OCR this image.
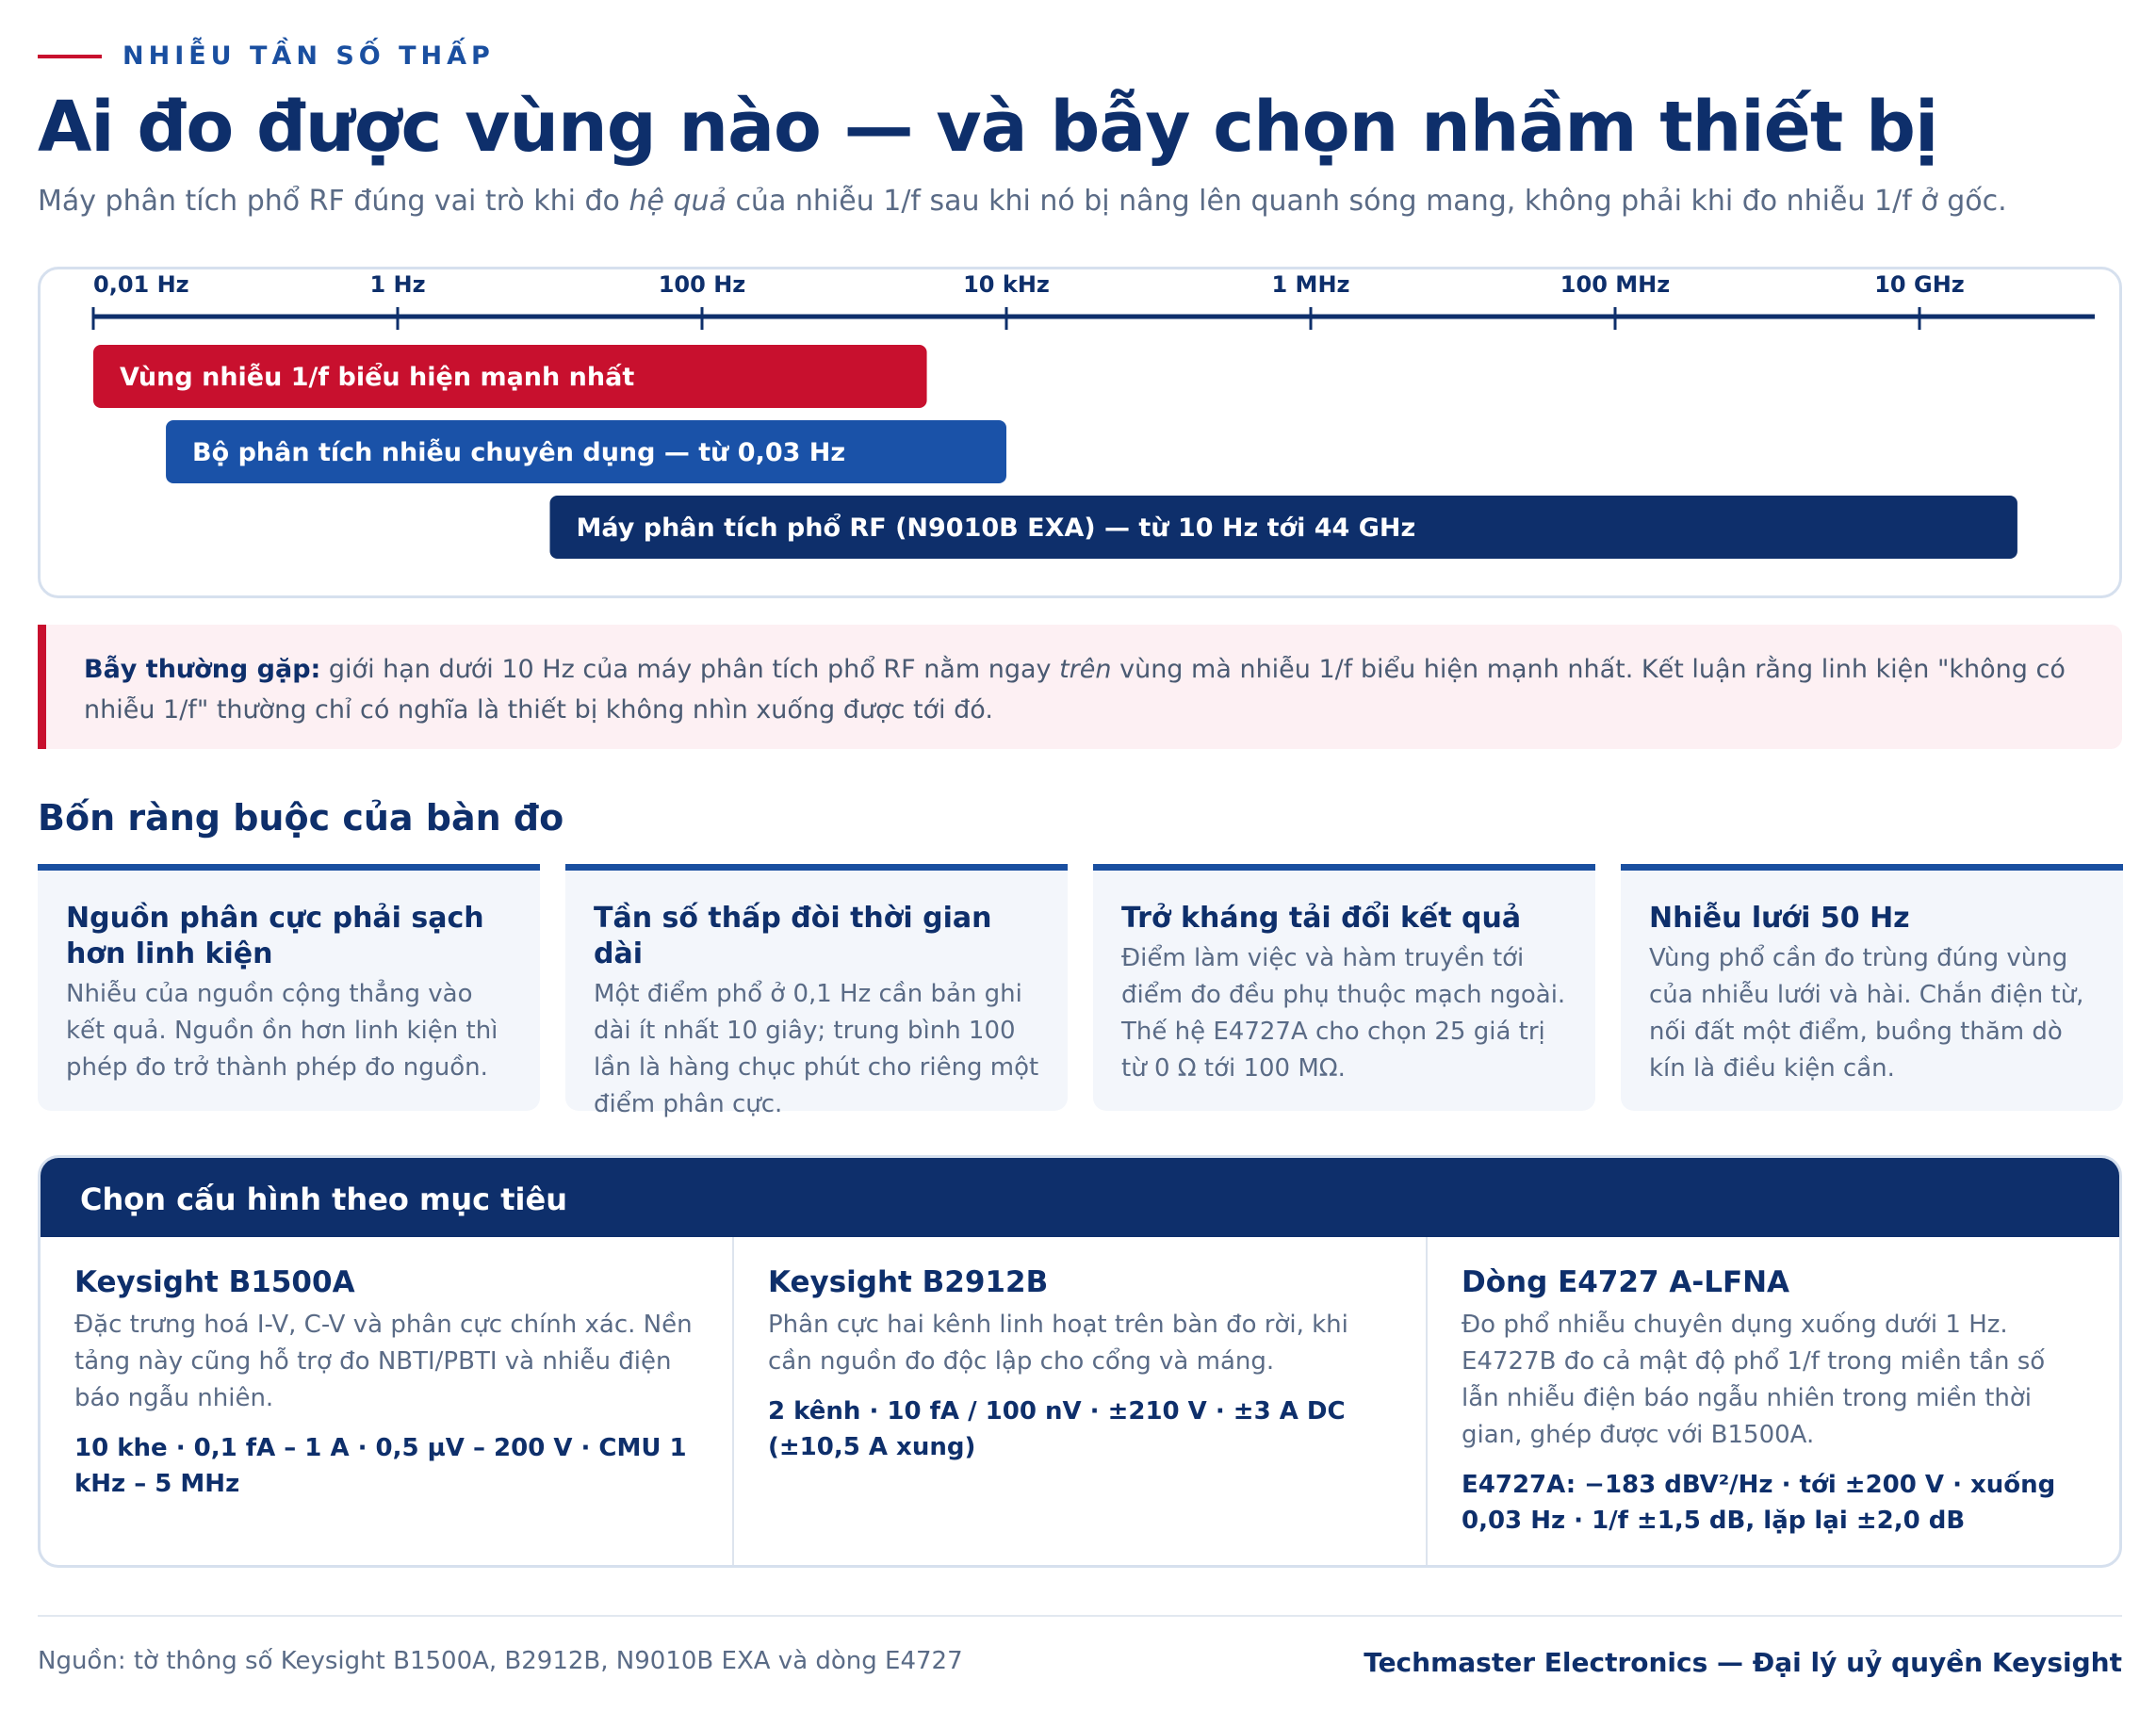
NHIỄU TẦN SỐ THẤP
Ai đo được vùng nào — và bẫy chọn nhầm thiết bị

Máy phân tích phổ RF đúng vai trò khi đo hệ quả của nhiễu 1/f sau khi nó bị nâng lên quanh sóng mang, không phải khi đo nhiễu 1/f ở gốc.

0,01 Hz	1 Hz	100 Hz	10 kHz	1 MHz	100 MHz	10 GHz
Vùng nhiễu 1/f biểu hiện mạnh nhất
Bộ phân tích nhiễu chuyên dụng — từ 0,03 Hz
Máy phân tích phổ RF (N9010B EXA) — từ 10 Hz tới 44 GHz
Bẫy thường gặp: giới hạn dưới 10 Hz của máy phân tích phổ RF nằm ngay trên vùng mà nhiễu 1/f biểu hiện mạnh nhất. Kết luận rằng linh kiện "không có nhiễu 1/f" thường chỉ có nghĩa là thiết bị không nhìn xuống được tới đó.
Bốn ràng buộc của bàn đo
Nguồn phân cực phải sạch hơn linh kiện

Nhiễu của nguồn cộng thẳng vào kết quả. Nguồn ồn hơn linh kiện thì phép đo trở thành phép đo nguồn.

Tần số thấp đòi thời gian dài

Một điểm phổ ở 0,1 Hz cần bản ghi dài ít nhất 10 giây; trung bình 100 lần là hàng chục phút cho riêng một điểm phân cực.

Trở kháng tải đổi kết quả

Điểm làm việc và hàm truyền tới điểm đo đều phụ thuộc mạch ngoài. Thế hệ E4727A cho chọn 25 giá trị từ 0 Ω tới 100 MΩ.

Nhiễu lưới 50 Hz

Vùng phổ cần đo trùng đúng vùng của nhiễu lưới và hài. Chắn điện từ, nối đất một điểm, buồng thăm dò kín là điều kiện cần.

Chọn cấu hình theo mục tiêu
Keysight B1500A

Đặc trưng hoá I-V, C-V và phân cực chính xác. Nền tảng này cũng hỗ trợ đo NBTI/PBTI và nhiễu điện báo ngẫu nhiên.

10 khe · 0,1 fA – 1 A · 0,5 µV – 200 V · CMU 1 kHz – 5 MHz

Keysight B2912B

Phân cực hai kênh linh hoạt trên bàn đo rời, khi cần nguồn đo độc lập cho cổng và máng.

2 kênh · 10 fA / 100 nV · ±210 V · ±3 A DC (±10,5 A xung)

Dòng E4727 A-LFNA

Đo phổ nhiễu chuyên dụng xuống dưới 1 Hz. E4727B đo cả mật độ phổ 1/f trong miền tần số lẫn nhiễu điện báo ngẫu nhiên trong miền thời gian, ghép được với B1500A.

E4727A: −183 dBV²/Hz · tới ±200 V · xuống 0,03 Hz · 1/f ±1,5 dB, lặp lại ±2,0 dB

Nguồn: tờ thông số Keysight B1500A, B2912B, N9010B EXA và dòng E4727	Techmaster Electronics — Đại lý uỷ quyền Keysight
